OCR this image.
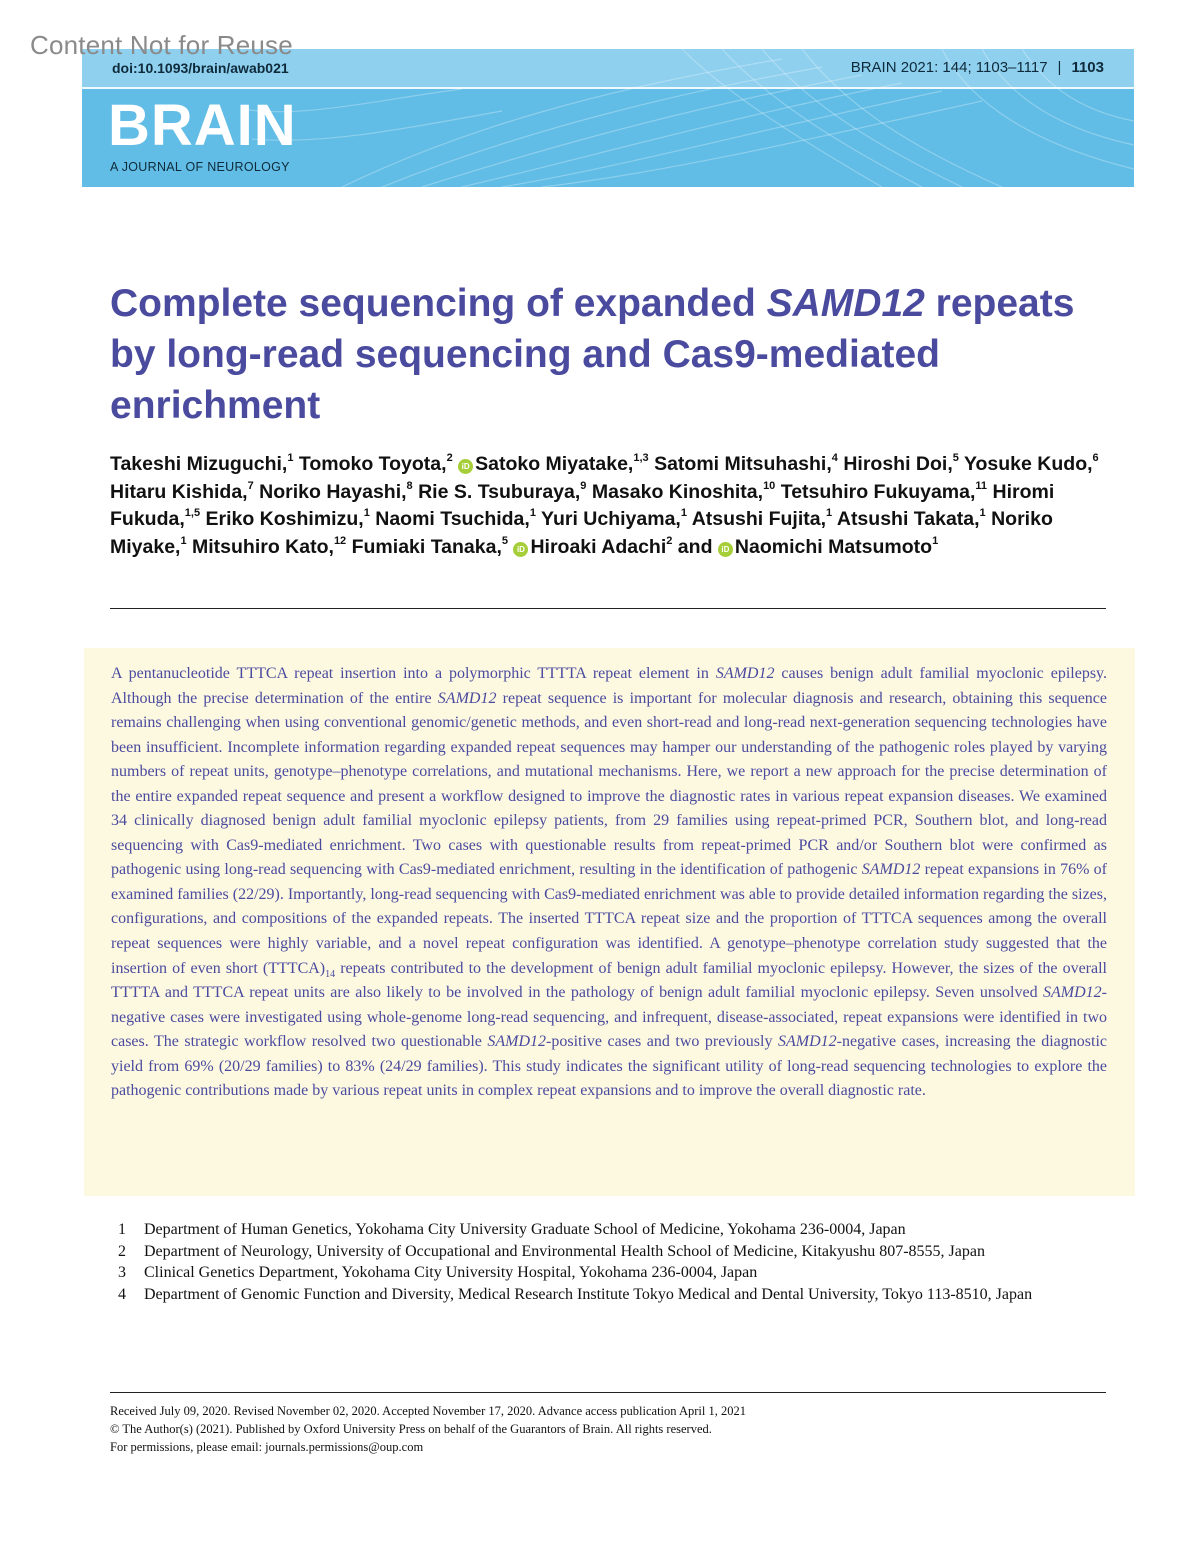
Content Not for Reuse
doi:10.1093/brain/awab021	BRAIN 2021: 144; 1103–1117 | 1103
BRAIN
A JOURNAL OF NEUROLOGY
Complete sequencing of expanded SAMD12 repeats by long-read sequencing and Cas9-mediated enrichment
Takeshi Mizuguchi,$^1$ Tomoko Toyota,$^2$ iD Satoko Miyatake,$^{1,3}$ Satomi Mitsuhashi,$^4$ Hiroshi Doi,$^5$ Yosuke Kudo,$^6$ Hitaru Kishida,$^7$ Noriko Hayashi,$^8$ Rie S. Tsuburaya,$^9$ Masako Kinoshita,$^{10}$ Tetsuhiro Fukuyama,$^{11}$ Hiromi Fukuda,$^{1,5}$ Eriko Koshimizu,$^1$ Naomi Tsuchida,$^1$ Yuri Uchiyama,$^1$ Atsushi Fujita,$^1$ Atsushi Takata,$^1$ Noriko Miyake,$^1$ Mitsuhiro Kato,$^{12}$ Fumiaki Tanaka,$^5$ iD Hiroaki Adachi$^2$ and iD Naomichi Matsumoto$^1$

A pentanucleotide TTTCA repeat insertion into a polymorphic TTTTA repeat element in SAMD12 causes benign adult familial myoclonic epilepsy. Although the precise determination of the entire SAMD12 repeat sequence is important for molecular diagnosis and research, obtaining this sequence remains challenging when using conventional genomic/genetic methods, and even short-read and long-read next-generation sequencing technologies have been insufficient. Incomplete information regarding expanded repeat sequences may hamper our understanding of the pathogenic roles played by varying numbers of repeat units, genotype–phenotype correlations, and mutational mechanisms. Here, we report a new approach for the precise determination of the entire expanded repeat sequence and present a workflow designed to improve the diagnostic rates in various repeat expansion diseases. We examined 34 clinically diagnosed benign adult familial myoclonic epilepsy patients, from 29 families using repeat-primed PCR, Southern blot, and long-read sequencing with Cas9-mediated enrichment. Two cases with questionable results from repeat-primed PCR and/or Southern blot were confirmed as pathogenic using long-read sequencing with Cas9-mediated enrichment, resulting in the identification of pathogenic SAMD12 repeat expansions in 76% of examined families (22/29). Importantly, long-read sequencing with Cas9-mediated enrichment was able to provide detailed information regarding the sizes, configurations, and compositions of the expanded repeats. The inserted TTTCA repeat size and the proportion of TTTCA sequences among the overall repeat sequences were highly variable, and a novel repeat configuration was identified. A genotype–phenotype correlation study suggested that the insertion of even short $(TTTCA)_{14}$ repeats contributed to the development of benign adult familial myoclonic epilepsy. However, the sizes of the overall TTTTA and TTTCA repeat units are also likely to be involved in the pathology of benign adult familial myoclonic epilepsy. Seven unsolved SAMD12-negative cases were investigated using whole-genome long-read sequencing, and infrequent, disease-associated, repeat expansions were identified in two cases. The strategic workflow resolved two questionable SAMD12-positive cases and two previously SAMD12-negative cases, increasing the diagnostic yield from 69% (20/29 families) to 83% (24/29 families). This study indicates the significant utility of long-read sequencing technologies to explore the pathogenic contributions made by various repeat units in complex repeat expansions and to improve the overall diagnostic rate.

1 Department of Human Genetics, Yokohama City University Graduate School of Medicine, Yokohama 236-0004, Japan
2 Department of Neurology, University of Occupational and Environmental Health School of Medicine, Kitakyushu 807-8555, Japan
3 Clinical Genetics Department, Yokohama City University Hospital, Yokohama 236-0004, Japan
4 Department of Genomic Function and Diversity, Medical Research Institute Tokyo Medical and Dental University, Tokyo 113-8510, Japan
Received July 09, 2020. Revised November 02, 2020. Accepted November 17, 2020. Advance access publication April 1, 2021
© The Author(s) (2021). Published by Oxford University Press on behalf of the Guarantors of Brain. All rights reserved.
For permissions, please email: journals.permissions@oup.com
